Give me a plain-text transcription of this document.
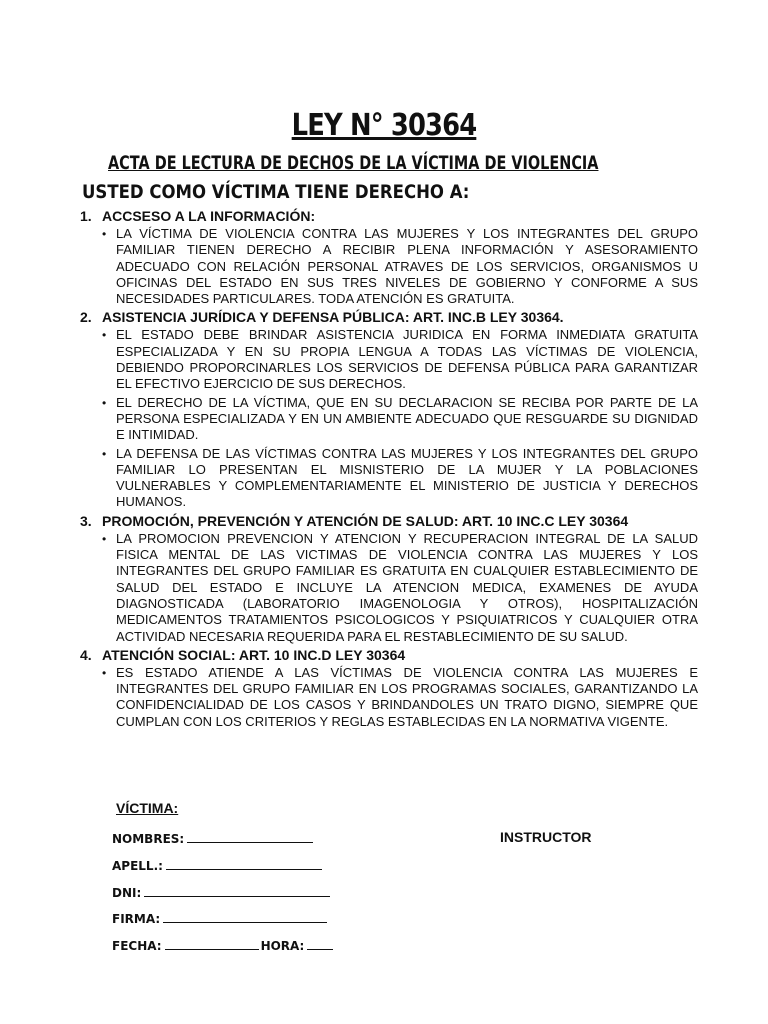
LEY N° 30364
ACTA DE LECTURA DE DECHOS DE LA VÍCTIMA DE VIOLENCIA
USTED COMO VÍCTIMA TIENE DERECHO A:
1. ACCSESO A LA INFORMACIÓN:
• LA VÍCTIMA DE VIOLENCIA CONTRA LAS MUJERES Y LOS INTEGRANTES DEL GRUPO FAMILIAR TIENEN DERECHO A RECIBIR PLENA INFORMACIÓN Y ASESORAMIENTO ADECUADO CON RELACIÓN PERSONAL ATRAVES DE LOS SERVICIOS, ORGANISMOS U OFICINAS DEL ESTADO EN SUS TRES NIVELES DE GOBIERNO Y CONFORME A SUS NECESIDADES PARTICULARES. TODA ATENCIÓN ES GRATUITA.
2. ASISTENCIA JURÍDICA Y DEFENSA PÚBLICA: ART. INC.B LEY 30364.
• EL ESTADO DEBE BRINDAR ASISTENCIA JURIDICA EN FORMA INMEDIATA GRATUITA ESPECIALIZADA Y EN SU PROPIA LENGUA A TODAS LAS VÍCTIMAS DE VIOLENCIA, DEBIENDO PROPORCINARLES LOS SERVICIOS DE DEFENSA PÚBLICA PARA GARANTIZAR EL EFECTIVO EJERCICIO DE SUS DERECHOS.
• EL DERECHO DE LA VÍCTIMA, QUE EN SU DECLARACION SE RECIBA POR PARTE DE LA PERSONA ESPECIALIZADA Y EN UN AMBIENTE ADECUADO QUE RESGUARDE SU DIGNIDAD E INTIMIDAD.
• LA DEFENSA DE LAS VÍCTIMAS CONTRA LAS MUJERES Y LOS INTEGRANTES DEL GRUPO FAMILIAR LO PRESENTAN EL MISNISTERIO DE LA MUJER Y LA POBLACIONES VULNERABLES Y COMPLEMENTARIAMENTE EL MINISTERIO DE JUSTICIA Y DERECHOS HUMANOS.
3. PROMOCIÓN, PREVENCIÓN Y ATENCIÓN DE SALUD: ART. 10 INC.C LEY 30364
• LA PROMOCION PREVENCION Y ATENCION Y RECUPERACION INTEGRAL DE LA SALUD FISICA MENTAL DE LAS VICTIMAS DE VIOLENCIA CONTRA LAS MUJERES Y LOS INTEGRANTES DEL GRUPO FAMILIAR ES GRATUITA EN CUALQUIER ESTABLECIMIENTO DE SALUD DEL ESTADO E INCLUYE LA ATENCION MEDICA, EXAMENES DE AYUDA DIAGNOSTICADA (LABORATORIO IMAGENOLOGIA Y OTROS), HOSPITALIZACIÓN MEDICAMENTOS TRATAMIENTOS PSICOLOGICOS Y PSIQUIATRICOS Y CUALQUIER OTRA ACTIVIDAD NECESARIA REQUERIDA PARA EL RESTABLECIMIENTO DE SU SALUD.
4. ATENCIÓN SOCIAL: ART. 10 INC.D LEY 30364
• ES ESTADO ATIENDE A LAS VÍCTIMAS DE VIOLENCIA CONTRA LAS MUJERES E INTEGRANTES DEL GRUPO FAMILIAR EN LOS PROGRAMAS SOCIALES, GARANTIZANDO LA CONFIDENCIALIDAD DE LOS CASOS Y BRINDANDOLES UN TRATO DIGNO, SIEMPRE QUE CUMPLAN CON LOS CRITERIOS Y REGLAS ESTABLECIDAS EN LA NORMATIVA VIGENTE.
VÍCTIMA:
INSTRUCTOR
NOMBRES:
APELL.:
DNI:
FIRMA:
FECHA:	HORA:
